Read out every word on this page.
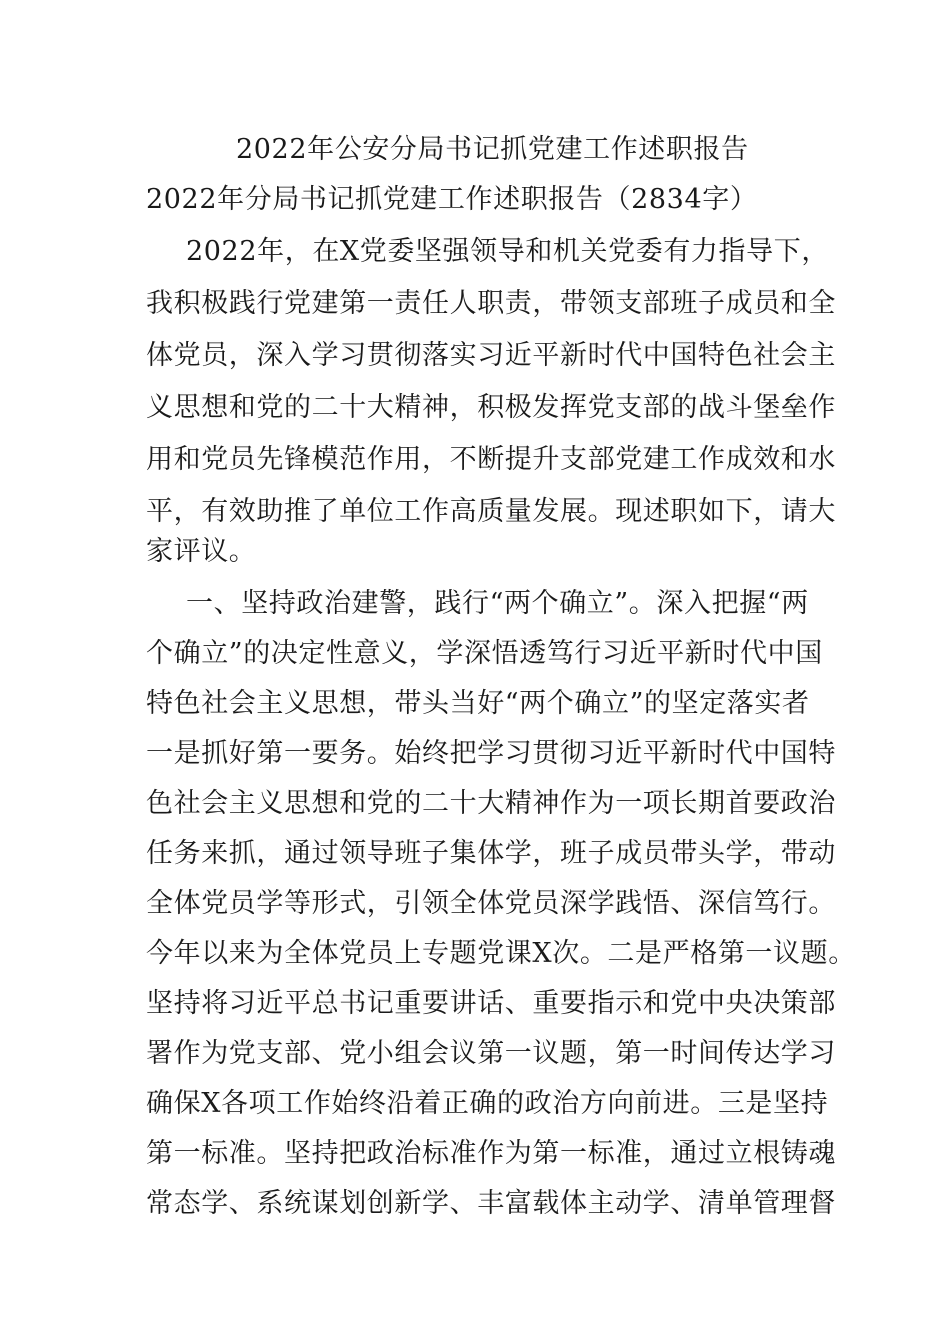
2022年公安分局书记抓党建工作述职报告
2022年分局书记抓党建工作述职报告（2834字）
2022年，在X党委坚强领导和机关党委有力指导下，
我积极践行党建第一责任人职责，带领支部班子成员和全
体党员，深入学习贯彻落实习近平新时代中国特色社会主
义思想和党的二十大精神，积极发挥党支部的战斗堡垒作
用和党员先锋模范作用，不断提升支部党建工作成效和水
平，有效助推了单位工作高质量发展。现述职如下，请大
家评议。
一、坚持政治建警，践行“两个确立”。深入把握“两
个确立”的决定性意义，学深悟透笃行习近平新时代中国
特色社会主义思想，带头当好“两个确立”的坚定落实者
一是抓好第一要务。始终把学习贯彻习近平新时代中国特
色社会主义思想和党的二十大精神作为一项长期首要政治
任务来抓，通过领导班子集体学，班子成员带头学，带动
全体党员学等形式，引领全体党员深学践悟、深信笃行。
今年以来为全体党员上专题党课X次。二是严格第一议题。
坚持将习近平总书记重要讲话、重要指示和党中央决策部
署作为党支部、党小组会议第一议题，第一时间传达学习
确保X各项工作始终沿着正确的政治方向前进。三是坚持
第一标准。坚持把政治标准作为第一标准，通过立根铸魂
常态学、系统谋划创新学、丰富载体主动学、清单管理督
